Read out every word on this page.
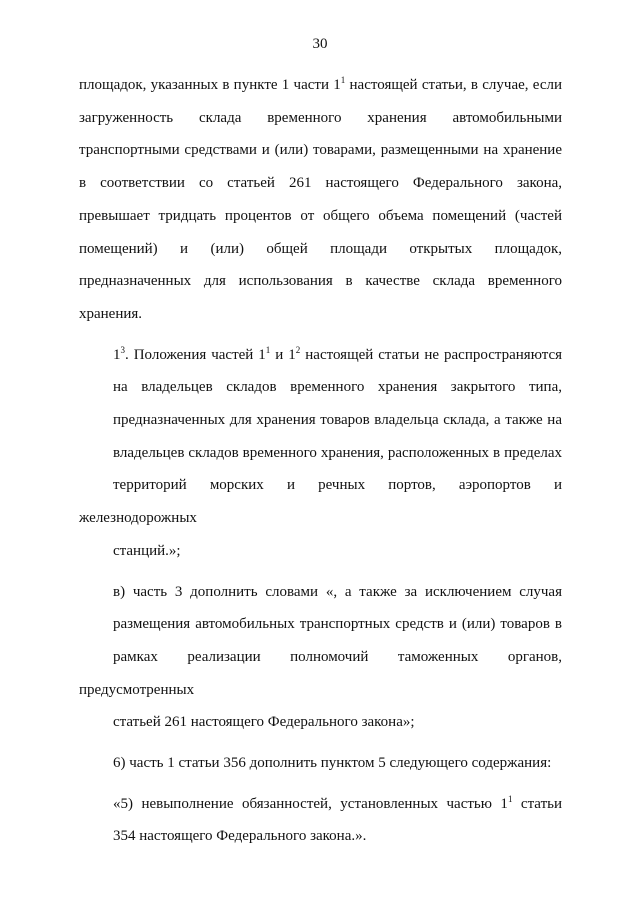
30
площадок, указанных в пункте 1 части $1^1$ настоящей статьи, в случае, если
загруженность склада временного хранения автомобильными
транспортными средствами и (или) товарами, размещенными на хранение
в соответствии со статьей 261 настоящего Федерального закона,
превышает тридцать процентов от общего объема помещений (частей
помещений) и (или) общей площади открытых площадок,
предназначенных для использования в качестве склада временного
хранения.
$1^3$. Положения частей $1^1$ и $1^2$ настоящей статьи не распространяются
на владельцев складов временного хранения закрытого типа,
предназначенных для хранения товаров владельца склада, а также на
владельцев складов временного хранения, расположенных в пределах
территорий морских и речных портов, аэропортов и железнодорожных
станций.»;
в) часть 3 дополнить словами «, а также за исключением случая
размещения автомобильных транспортных средств и (или) товаров в
рамках реализации полномочий таможенных органов, предусмотренных
статьей 261 настоящего Федерального закона»;
6) часть 1 статьи 356 дополнить пунктом 5 следующего содержания:
«5) невыполнение обязанностей, установленных частью $1^1$ статьи
354 настоящего Федерального закона.».
